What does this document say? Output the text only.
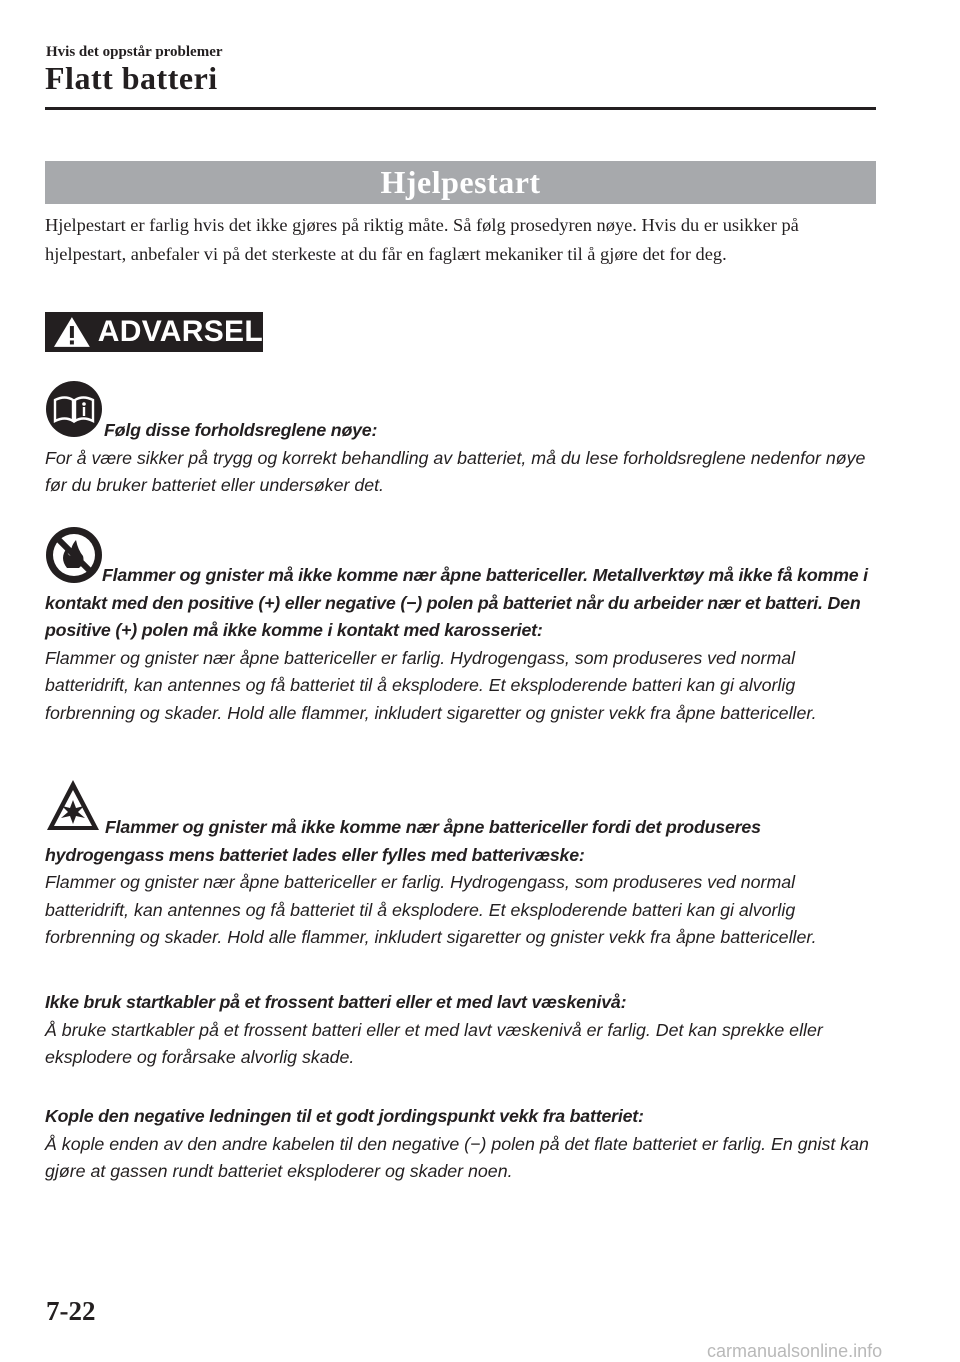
Hvis det oppstår problemer
Flatt batteri
Hjelpestart
Hjelpestart er farlig hvis det ikke gjøres på riktig måte. Så følg prosedyren nøye. Hvis du er usikker på hjelpestart, anbefaler vi på det sterkeste at du får en faglært mekaniker til å gjøre det for deg.
ADVARSEL

Følg disse forholdsreglene nøye:

For å være sikker på trygg og korrekt behandling av batteriet, må du lese forholdsreglene nedenfor nøye før du bruker batteriet eller undersøker det.

Flammer og gnister må ikke komme nær åpne battericeller. Metallverktøy må ikke få komme i kontakt med den positive (+) eller negative (−) polen på batteriet når du arbeider nær et batteri. Den positive (+) polen må ikke komme i kontakt med karosseriet:

Flammer og gnister nær åpne battericeller er farlig. Hydrogengass, som produseres ved normal batteridrift, kan antennes og få batteriet til å eksplodere. Et eksploderende batteri kan gi alvorlig forbrenning og skader. Hold alle flammer, inkludert sigaretter og gnister vekk fra åpne battericeller.

Flammer og gnister må ikke komme nær åpne battericeller fordi det produseres hydrogengass mens batteriet lades eller fylles med batterivæske:

Flammer og gnister nær åpne battericeller er farlig. Hydrogengass, som produseres ved normal batteridrift, kan antennes og få batteriet til å eksplodere. Et eksploderende batteri kan gi alvorlig forbrenning og skader. Hold alle flammer, inkludert sigaretter og gnister vekk fra åpne battericeller.

Ikke bruk startkabler på et frossent batteri eller et med lavt væskenivå:

Å bruke startkabler på et frossent batteri eller et med lavt væskenivå er farlig. Det kan sprekke eller eksplodere og forårsake alvorlig skade.

Kople den negative ledningen til et godt jordingspunkt vekk fra batteriet:

Å kople enden av den andre kabelen til den negative (−) polen på det flate batteriet er farlig. En gnist kan gjøre at gassen rundt batteriet eksploderer og skader noen.

7-22
carmanualsonline.info
